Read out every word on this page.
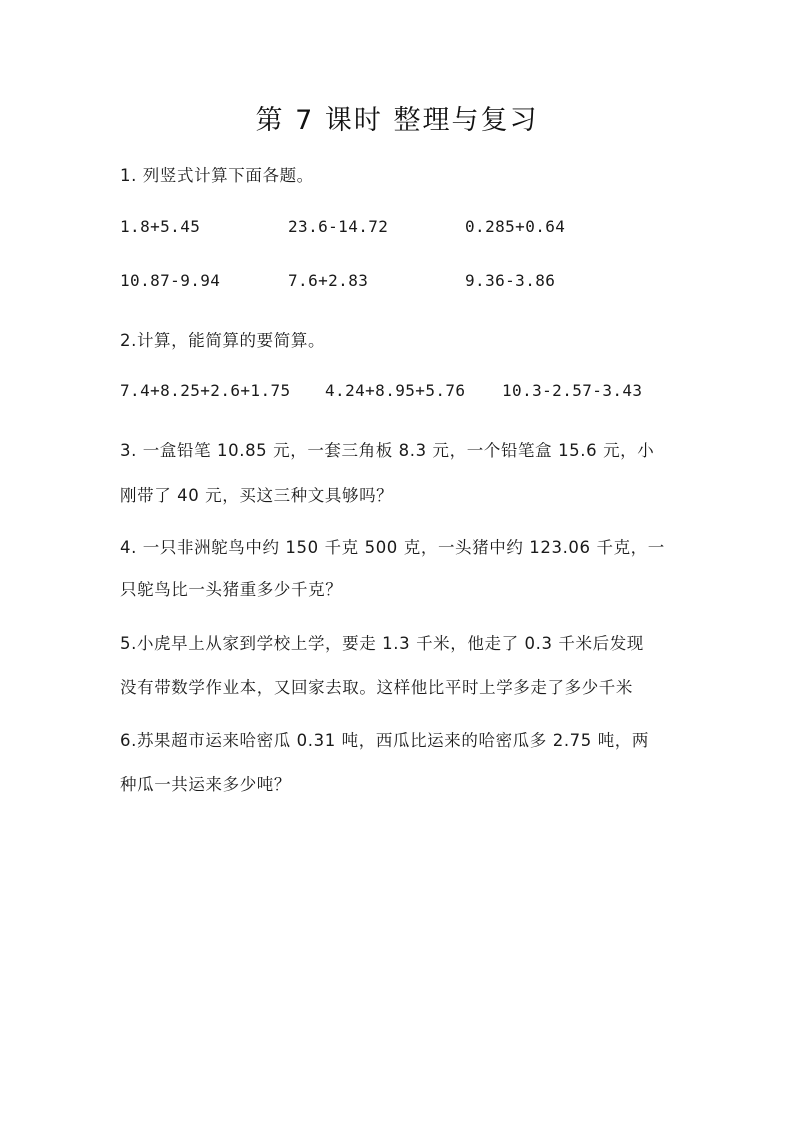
第 7 课时 整理与复习
1. 列竖式计算下面各题。
1.8+5.45	23.6-14.72	0.285+0.64
10.87-9.94	7.6+2.83	9.36-3.86
2.计算，能简算的要简算。
7.4+8.25+2.6+1.75 4.24+8.95+5.76 10.3-2.57-3.43
3. 一盒铅笔 10.85 元，一套三角板 8.3 元，一个铅笔盒 15.6 元，小
刚带了 40 元，买这三种文具够吗？
4. 一只非洲鸵鸟中约 150 千克 500 克，一头猪中约 123.06 千克，一
只鸵鸟比一头猪重多少千克？
5.小虎早上从家到学校上学，要走 1.3 千米，他走了 0.3 千米后发现
没有带数学作业本，又回家去取。这样他比平时上学多走了多少千米
6.苏果超市运来哈密瓜 0.31 吨，西瓜比运来的哈密瓜多 2.75 吨，两
种瓜一共运来多少吨？
